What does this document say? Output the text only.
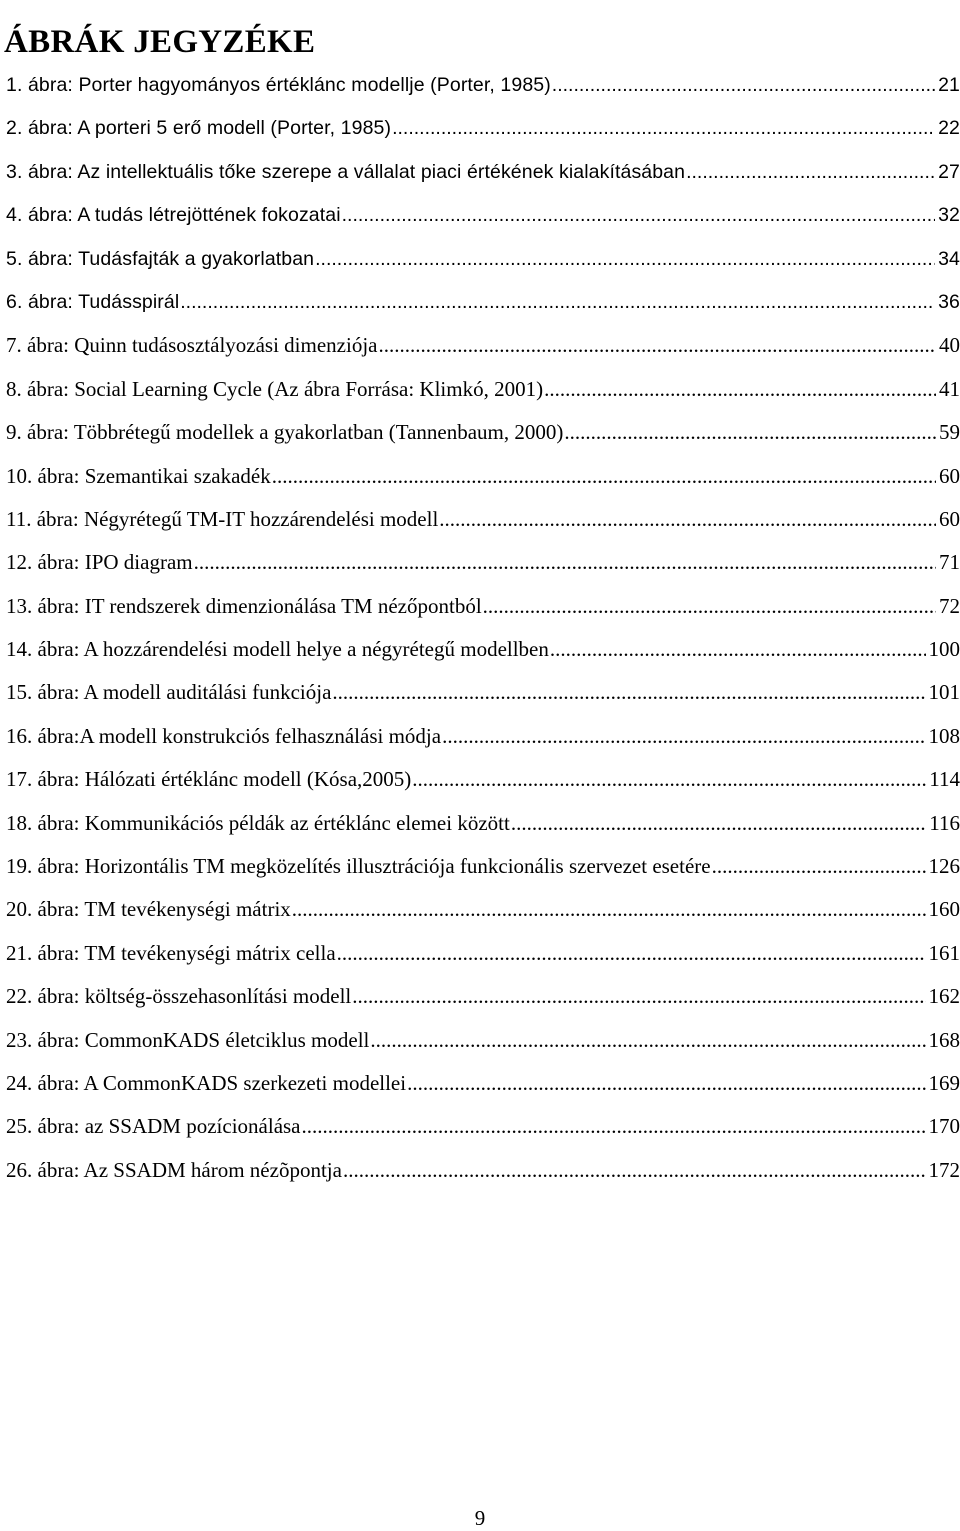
ÁBRÁK JEGYZÉKE
1. ábra: Porter hagyományos értéklánc modellje (Porter, 1985) .....	21
2. ábra: A porteri 5 erő modell (Porter, 1985) .....	22
3. ábra: Az intellektuális tőke szerepe a vállalat piaci értékének kialakításában .....	27
4. ábra: A tudás létrejöttének fokozatai .....	32
5. ábra: Tudásfajták a gyakorlatban .....	34
6. ábra: Tudásspirál .....	36
7. ábra: Quinn tudásosztályozási dimenziója .....	40
8. ábra: Social Learning Cycle (Az ábra Forrása: Klimkó, 2001) .....	41
9. ábra: Többrétegű modellek a gyakorlatban (Tannenbaum, 2000) .....	59
10. ábra: Szemantikai szakadék .....	60
11. ábra: Négyrétegű TM-IT hozzárendelési modell .....	60
12. ábra: IPO diagram .....	71
13. ábra: IT rendszerek dimenzionálása TM nézőpontból .....	72
14. ábra: A hozzárendelési modell helye a négyrétegű modellben .....	100
15. ábra: A modell auditálási funkciója .....	101
16. ábra:A modell konstrukciós felhasználási módja .....	108
17. ábra: Hálózati értéklánc modell (Kósa,2005) .....	114
18. ábra: Kommunikációs példák az értéklánc elemei között .....	116
19. ábra: Horizontális TM megközelítés illusztrációja funkcionális szervezet esetére .....	126
20. ábra: TM tevékenységi mátrix .....	160
21. ábra: TM tevékenységi mátrix cella .....	161
22. ábra: költség-összehasonlítási modell .....	162
23. ábra: CommonKADS életciklus modell .....	168
24. ábra: A CommonKADS szerkezeti modellei .....	169
25. ábra: az SSADM pozícionálása .....	170
26. ábra: Az SSADM három nézõpontja .....	172
9
